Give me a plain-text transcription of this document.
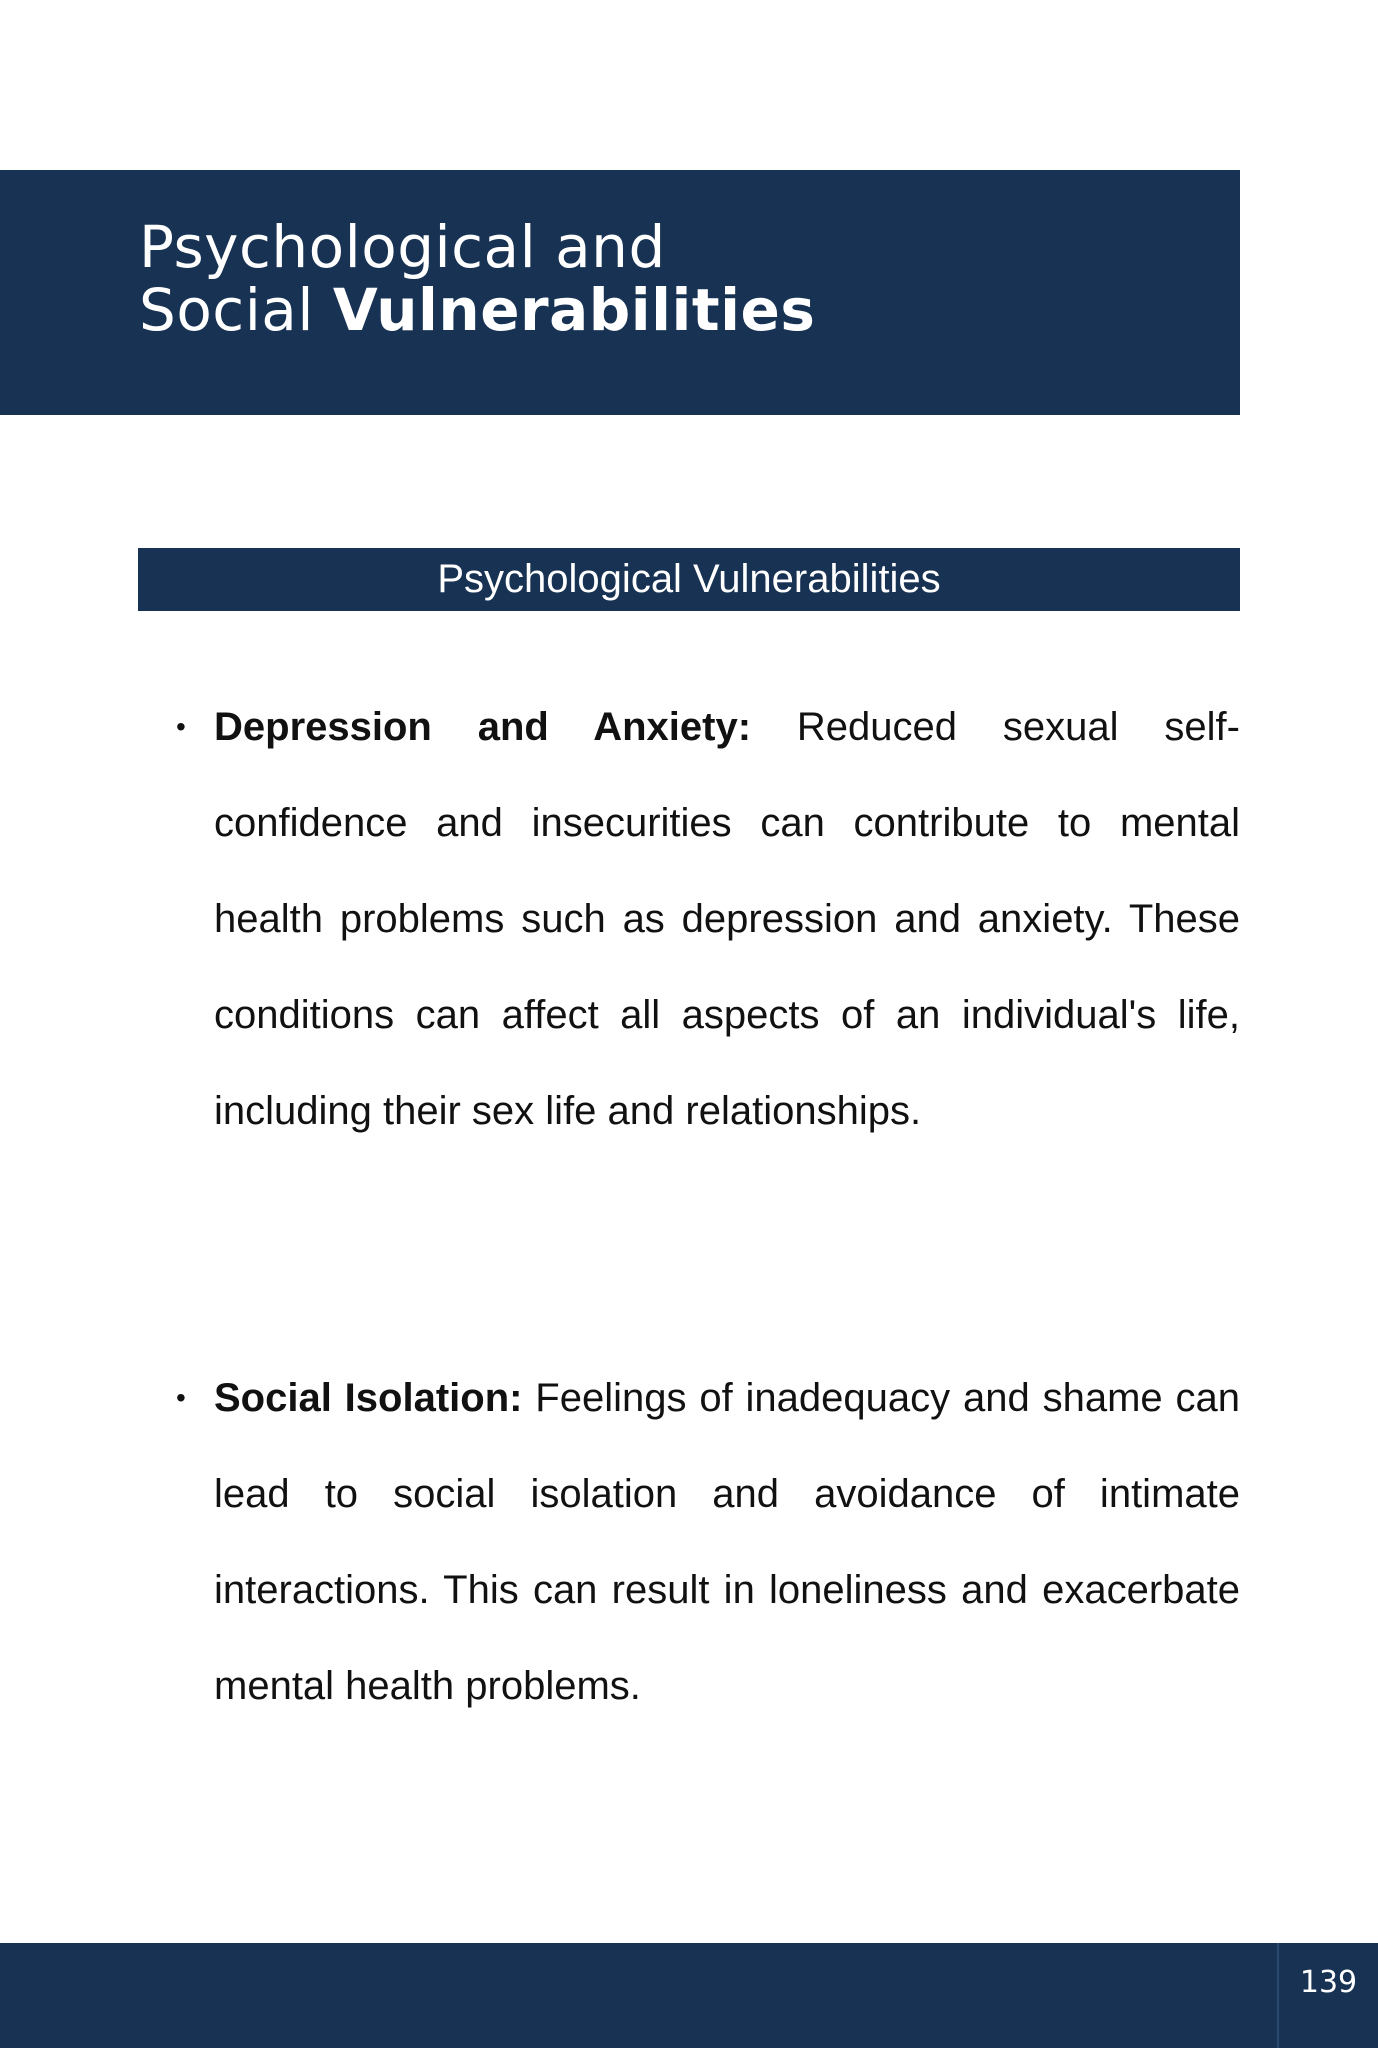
Psychological and
Social Vulnerabilities
Psychological Vulnerabilities
• Depression and Anxiety: Reduced sexual self-confidence and insecurities can contribute to mental health problems such as depression and anxiety. These conditions can affect all aspects of an individual's life, including their sex life and relationships.
• Social Isolation: Feelings of inadequacy and shame can lead to social isolation and avoidance of intimate interactions. This can result in loneliness and exacerbate mental health problems.
139
